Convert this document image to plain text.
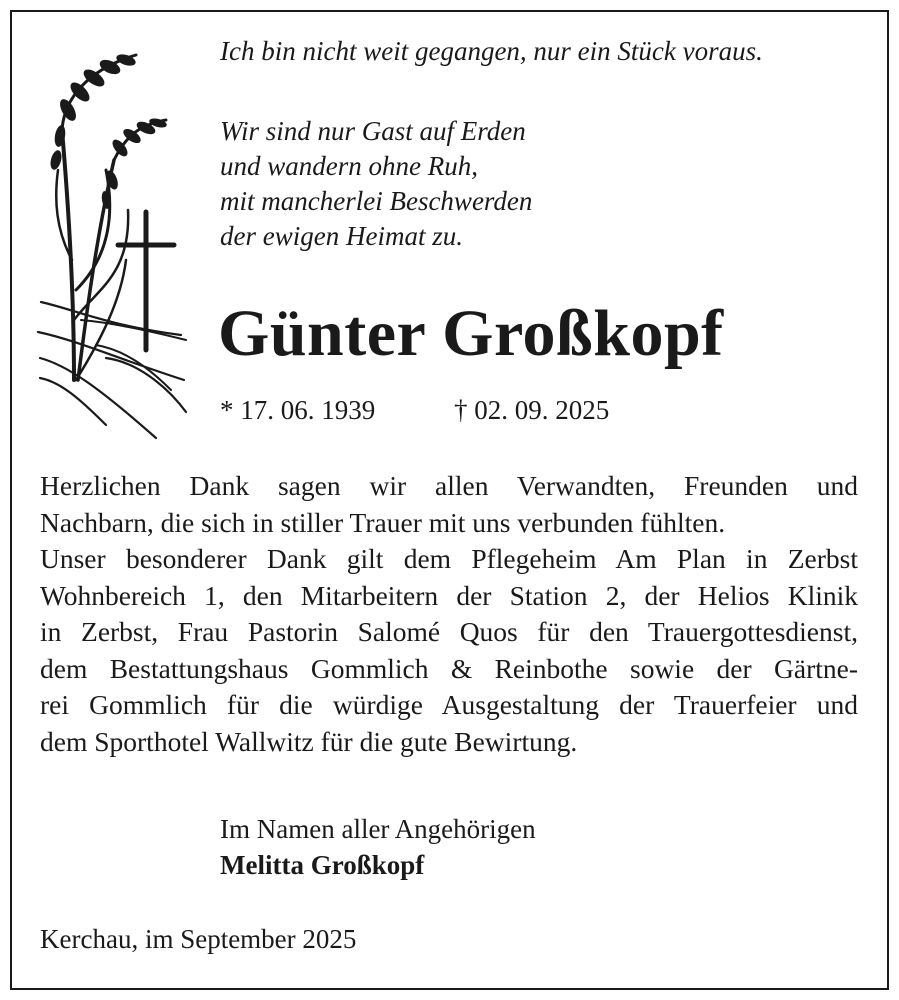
Ich bin nicht weit gegangen, nur ein Stück voraus.
Wir sind nur Gast auf Erden
und wandern ohne Ruh,
mit mancherlei Beschwerden
der ewigen Heimat zu.
Günter Großkopf
* 17. 06. 1939	† 02. 09. 2025
Herzlichen Dank sagen wir allen Verwandten, Freunden und
Nachbarn, die sich in stiller Trauer mit uns verbunden fühlten.
Unser besonderer Dank gilt dem Pflegeheim Am Plan in Zerbst
Wohnbereich 1, den Mitarbeitern der Station 2, der Helios Klinik
in Zerbst, Frau Pastorin Salomé Quos für den Trauergottesdienst,
dem Bestattungshaus Gommlich & Reinbothe sowie der Gärtne-
rei Gommlich für die würdige Ausgestaltung der Trauerfeier und
dem Sporthotel Wallwitz für die gute Bewirtung.
Im Namen aller Angehörigen
Melitta Großkopf
Kerchau, im September 2025
